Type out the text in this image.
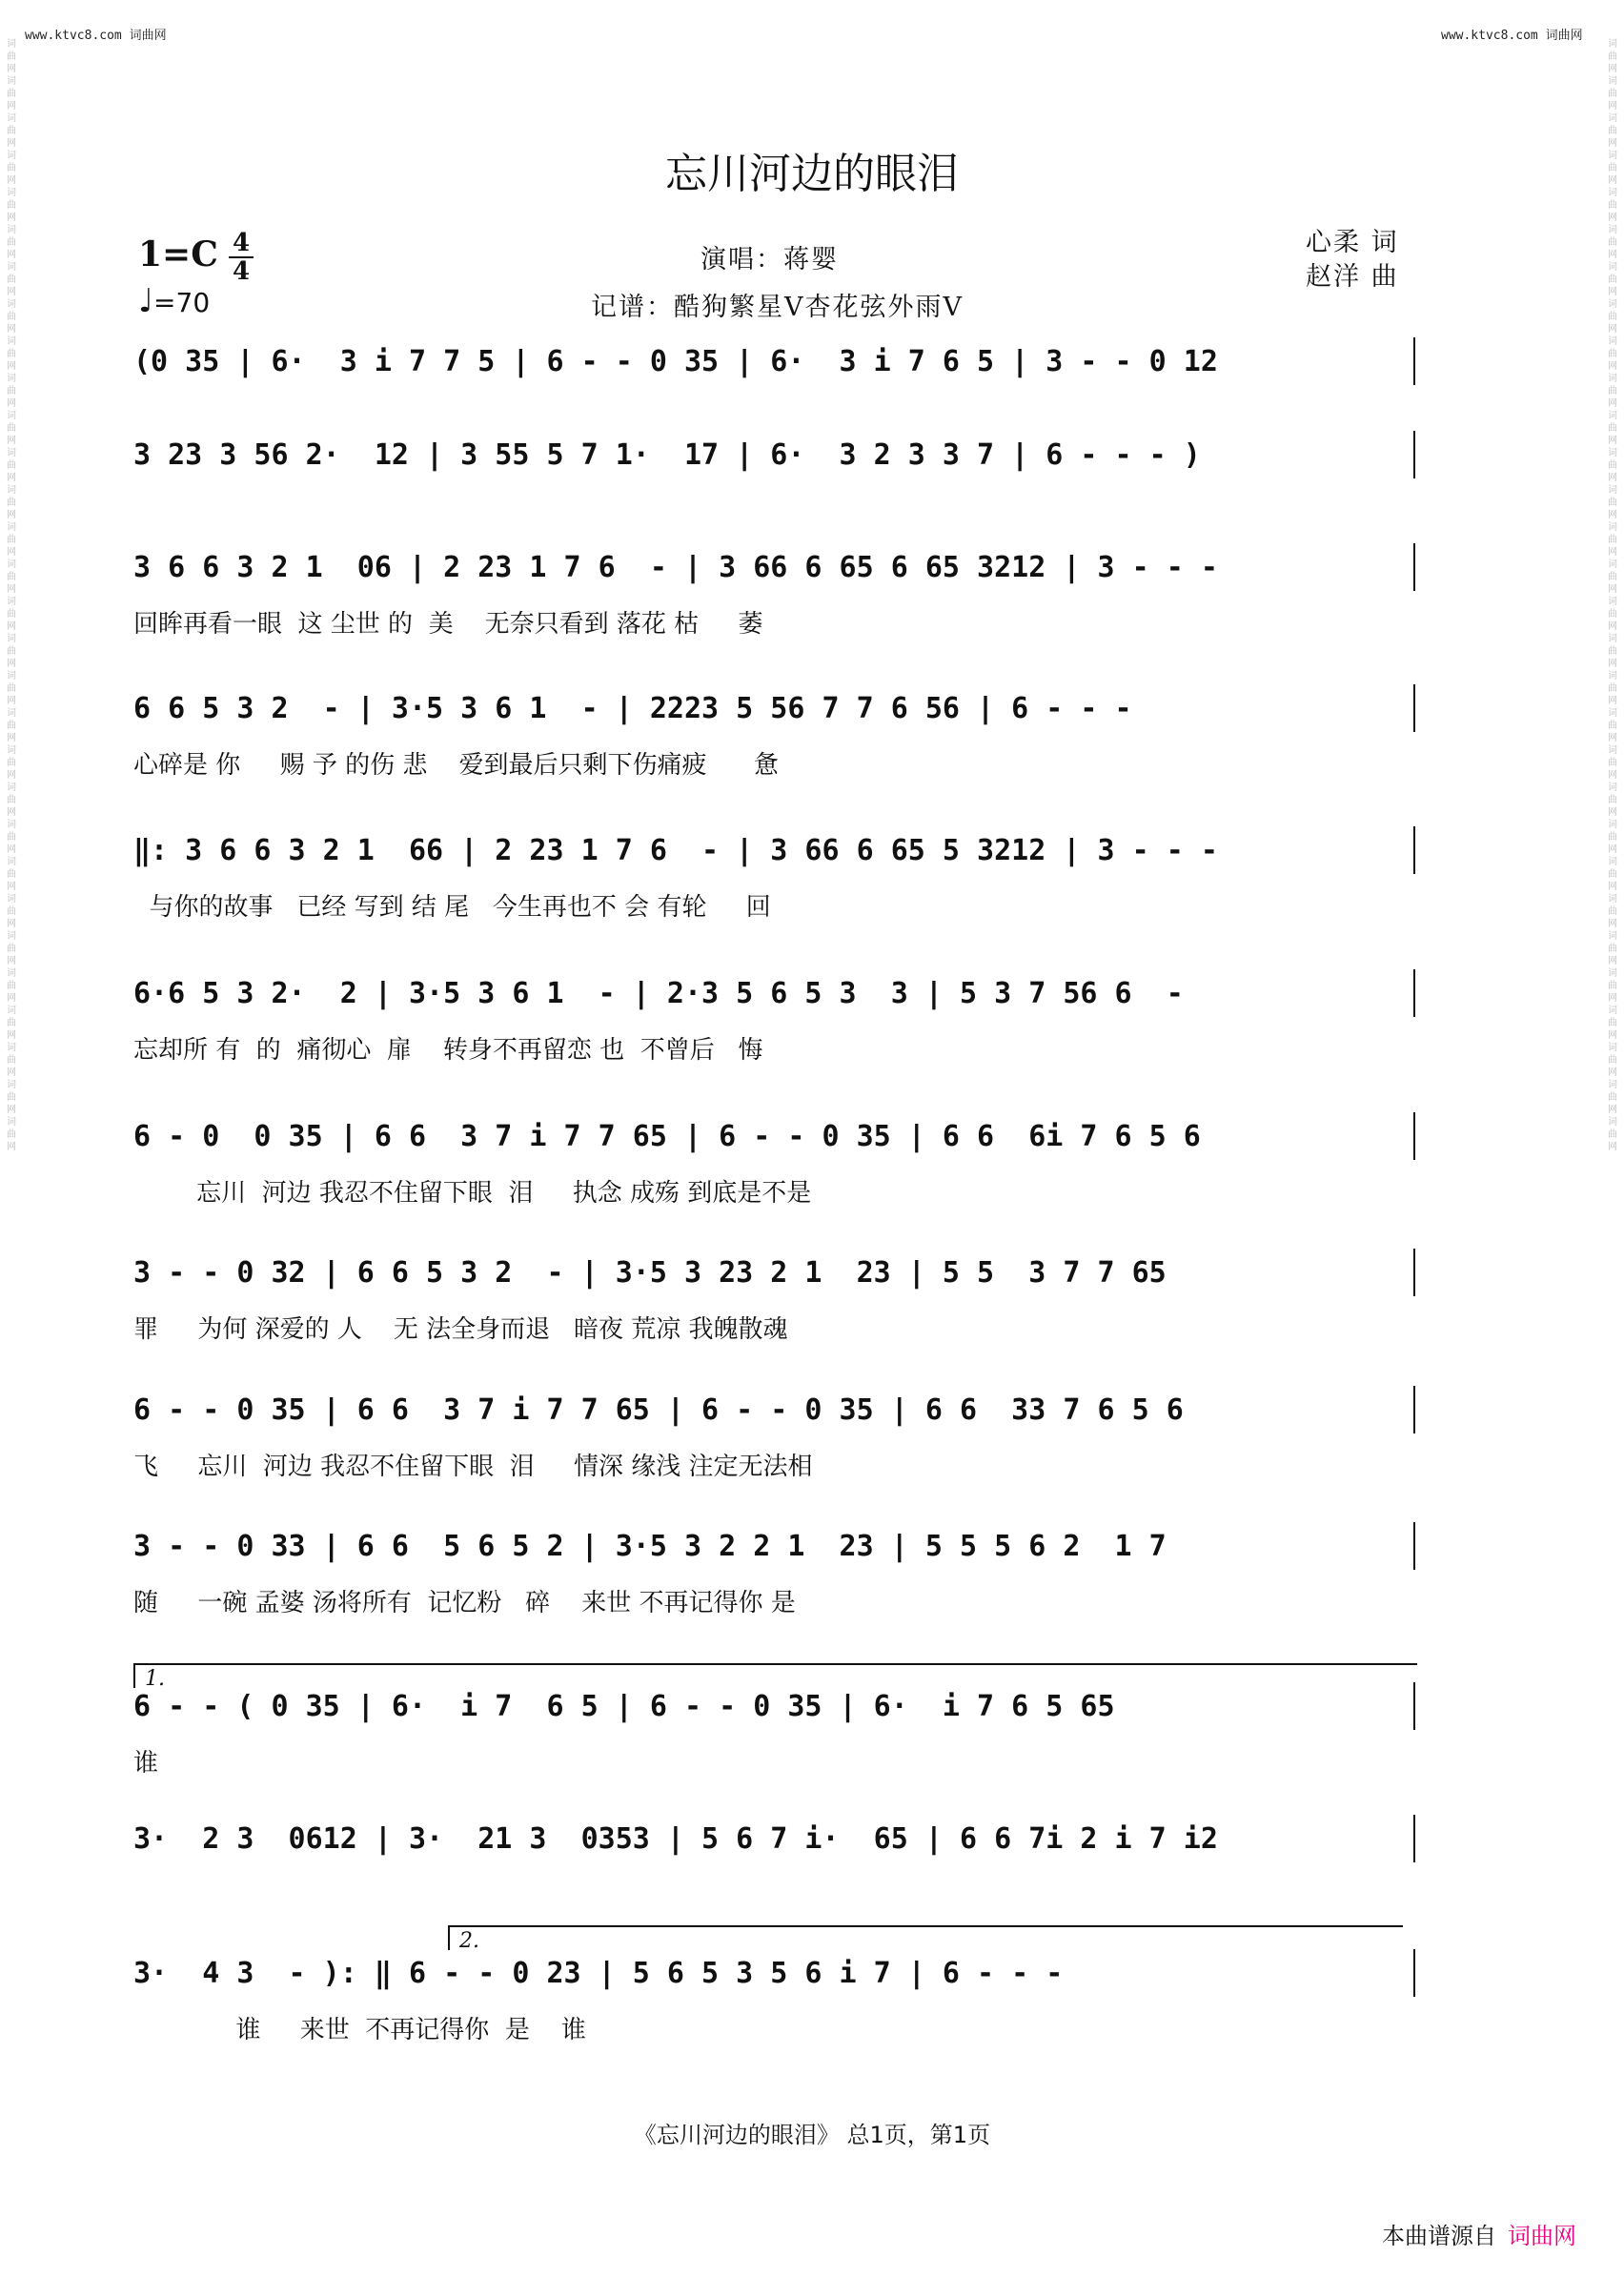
www.ktvc8.com 词曲网	www.ktvc8.com 词曲网
词曲网词曲网词曲网词曲网词曲网词曲网词曲网词曲网词曲网词曲网词曲网词曲网词曲网词曲网词曲网词曲网词曲网词曲网词曲网词曲网词曲网词曲网词曲网词曲网词曲网词曲网词曲网词曲网词曲网词曲网
词曲网词曲网词曲网词曲网词曲网词曲网词曲网词曲网词曲网词曲网词曲网词曲网词曲网词曲网词曲网词曲网词曲网词曲网词曲网词曲网词曲网词曲网词曲网词曲网词曲网词曲网词曲网词曲网词曲网词曲网
忘川河边的眼泪
1=C 4
4
♩=70
演唱：蒋婴
记谱：酷狗繁星V杏花弦外雨V
心柔 词
赵洋 曲
(0 35 | 6·  3 i 7 7 5 | 6 - - 0 35 | 6·  3 i 7 6 5 | 3 - - 0 12
3 23 3 56 2·  12 | 3 55 5 7 1·  17 | 6·  3 2 3 3 7 | 6 - - - )
3 6 6 3 2 1  06 | 2 23 1 7 6  - | 3 66 6 65 6 65 3212 | 3 - - -
回眸再看一眼  这 尘世 的  美    无奈只看到 落花 枯     萎
6 6 5 3 2  - | 3·5 3 6 1  - | 2223 5 56 7 7 6 56 | 6 - - -
心碎是 你     赐 予 的伤 悲    爱到最后只剩下伤痛疲      惫
‖: 3 6 6 3 2 1  66 | 2 23 1 7 6  - | 3 66 6 65 5 3212 | 3 - - -
与你的故事   已经 写到 结 尾   今生再也不 会 有轮     回
6·6 5 3 2·  2 | 3·5 3 6 1  - | 2·3 5 6 5 3  3 | 5 3 7 56 6  -
忘却所 有  的  痛彻心  扉    转身不再留恋 也  不曾后   悔
6 - 0  0 35 | 6 6  3 7 i 7 7 65 | 6 - - 0 35 | 6 6  6i 7 6 5 6
忘川  河边 我忍不住留下眼  泪     执念 成殇 到底是不是
3 - - 0 32 | 6 6 5 3 2  - | 3·5 3 23 2 1  23 | 5 5  3 7 7 65
罪     为何 深爱的 人    无 法全身而退   暗夜 荒凉 我魄散魂
6 - - 0 35 | 6 6  3 7 i 7 7 65 | 6 - - 0 35 | 6 6  33 7 6 5 6
飞     忘川  河边 我忍不住留下眼  泪     情深 缘浅 注定无法相
3 - - 0 33 | 6 6  5 6 5 2 | 3·5 3 2 2 1  23 | 5 5 5 6 2  1 7
随     一碗 孟婆 汤将所有  记忆粉   碎    来世 不再记得你 是
6 - - ( 0 35 | 6·  i 7  6 5 | 6 - - 0 35 | 6·  i 7 6 5 65
谁
3·  2 3  0612 | 3·  21 3  0353 | 5 6 7 i·  65 | 6 6 7i 2 i 7 i2
3·  4 3  - ): ‖ 6 - - 0 23 | 5 6 5 3 5 6 i 7 | 6 - - -
谁     来世  不再记得你  是    谁
1.
2.
《忘川河边的眼泪》 总1页，第1页
本曲谱源自 词曲网
